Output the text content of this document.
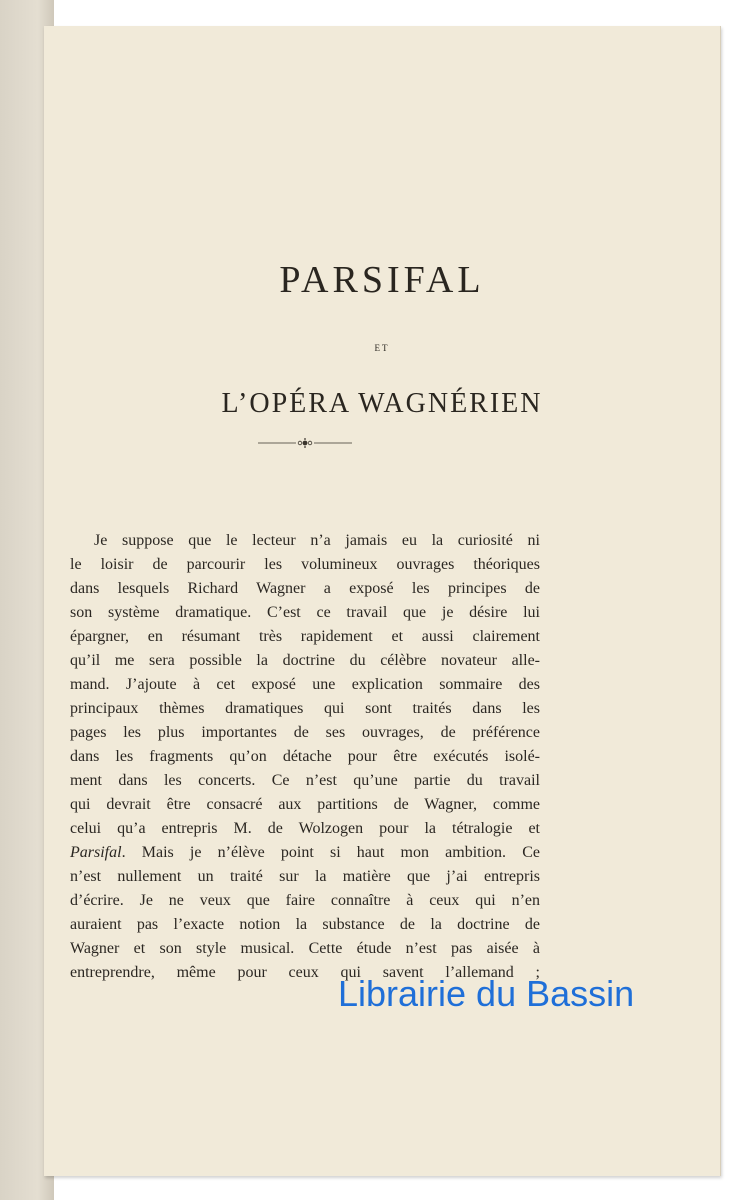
PARSIFAL
ET
L’OPÉRA WAGNÉRIEN
Je suppose que le lecteur n’a jamais eu la curiosité ni
le loisir de parcourir les volumineux ouvrages théoriques
dans lesquels Richard Wagner a exposé les principes de
son système dramatique. C’est ce travail que je désire lui
épargner, en résumant très rapidement et aussi clairement
qu’il me sera possible la doctrine du célèbre novateur alle-
mand. J’ajoute à cet exposé une explication sommaire des
principaux thèmes dramatiques qui sont traités dans les
pages les plus importantes de ses ouvrages, de préférence
dans les fragments qu’on détache pour être exécutés isolé-
ment dans les concerts. Ce n’est qu’une partie du travail
qui devrait être consacré aux partitions de Wagner, comme
celui qu’a entrepris M. de Wolzogen pour la tétralogie et
Parsifal. Mais je n’élève point si haut mon ambition. Ce
n’est nullement un traité sur la matière que j’ai entrepris
d’écrire. Je ne veux que faire connaître à ceux qui n’en
auraient pas l’exacte notion la substance de la doctrine de
Wagner et son style musical. Cette étude n’est pas aisée à
entreprendre, même pour ceux qui savent l’allemand ;
Librairie du Bassin
